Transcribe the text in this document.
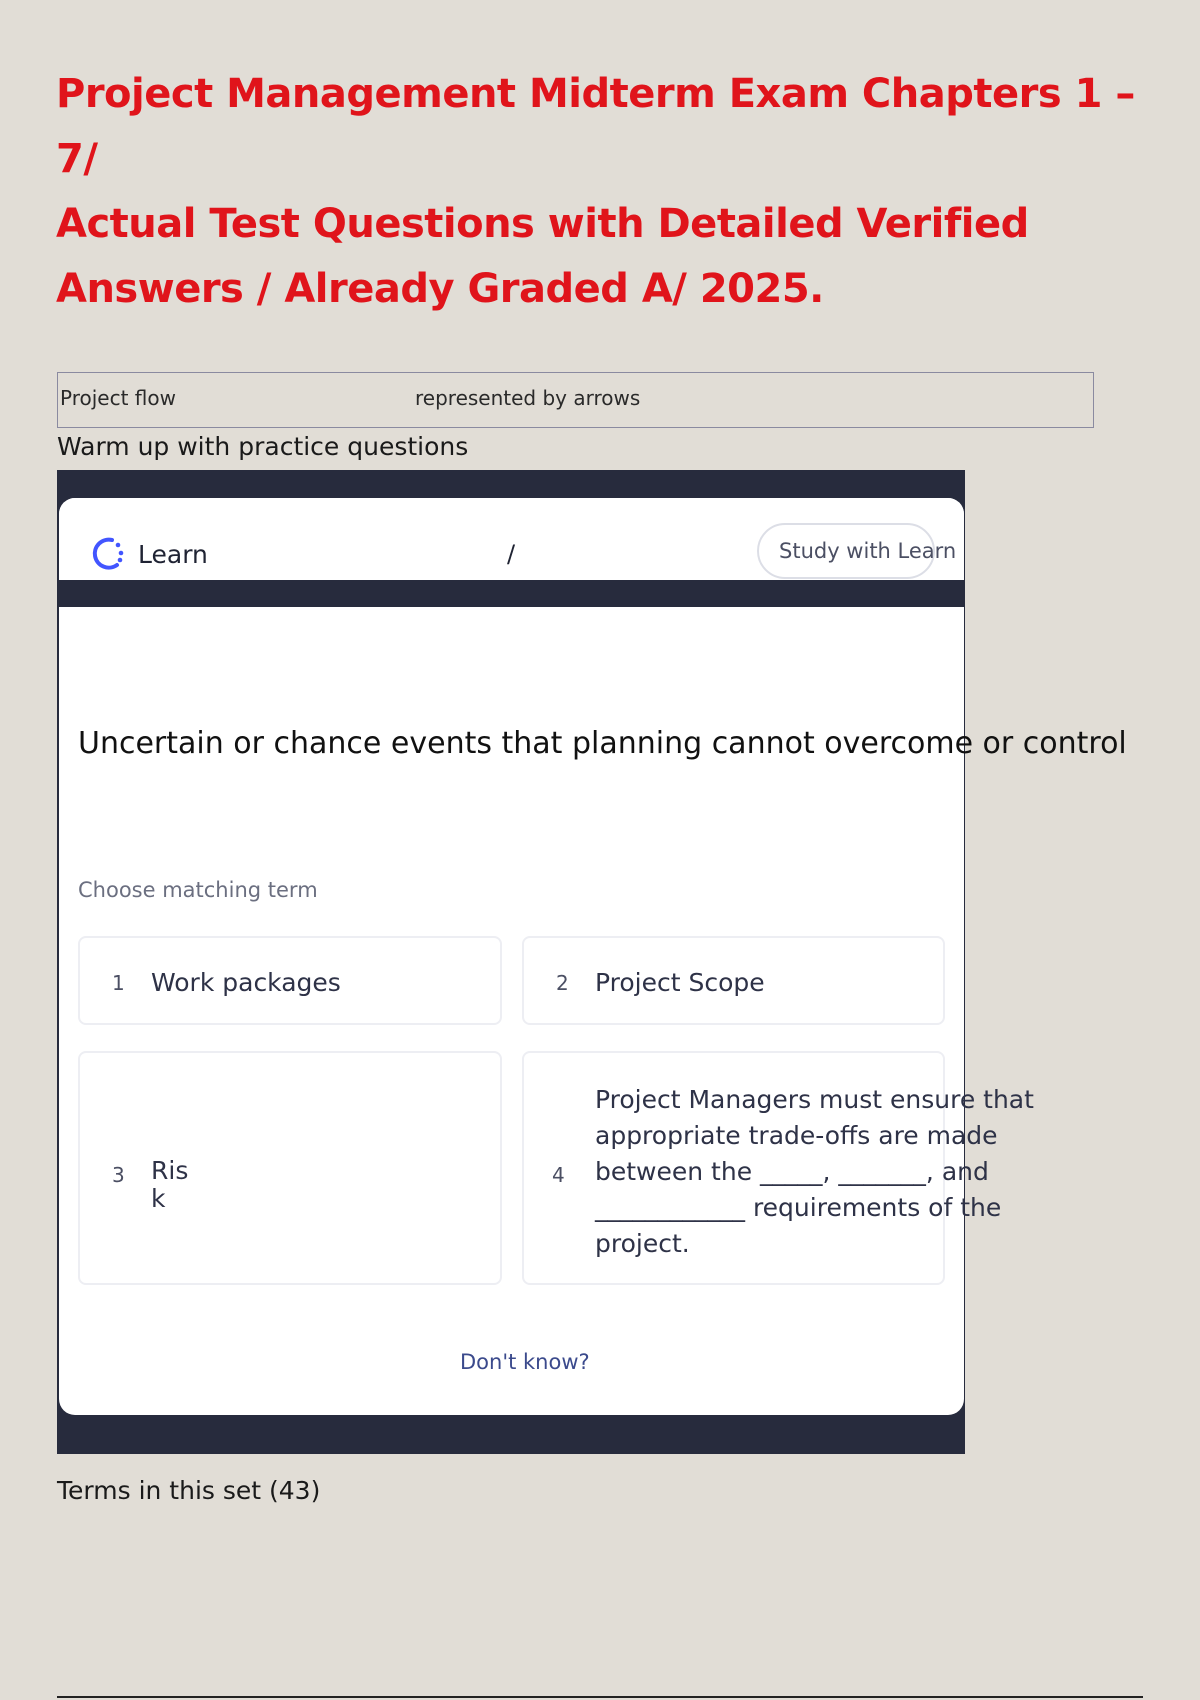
Project Management Midterm Exam Chapters 1 – 7/
Actual Test Questions with Detailed Verified
Answers / Already Graded A/ 2025.
Project flow	represented by arrows
Warm up with practice questions
Learn	/	Study with Learn
Uncertain or chance events that planning cannot overcome or control
Choose matching term
1 Work packages	2 Project Scope
3 Risk
4
Project Managers must ensure that
appropriate trade-offs are made
between the _____, _______, and
____________ requirements of the
project.
Don't know?
Terms in this set (43)
